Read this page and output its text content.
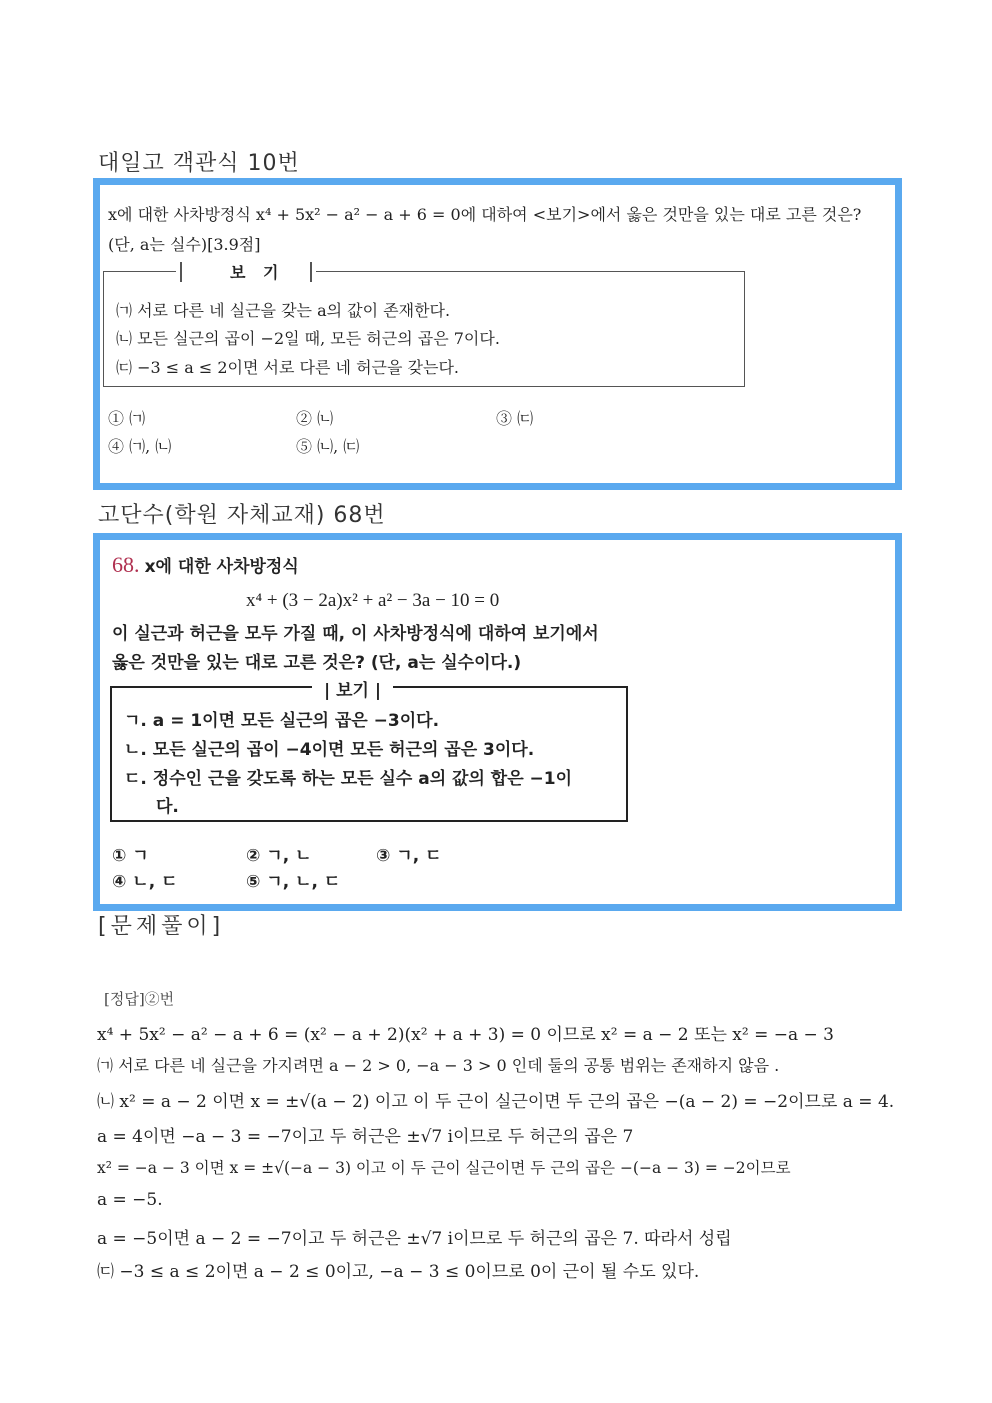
대일고 객관식 10번
x에 대한 사차방정식 x⁴ + 5x² − a² − a + 6 = 0에 대하여 <보기>에서 옳은 것만을 있는 대로 고른 것은?
(단, a는 실수)[3.9점]
보 기
㈀ 서로 다른 네 실근을 갖는 a의 값이 존재한다.
㈁ 모든 실근의 곱이 −2일 때, 모든 허근의 곱은 7이다.
㈂ −3 ≤ a ≤ 2이면 서로 다른 네 허근을 갖는다.
① ㈀	② ㈁	③ ㈂
④ ㈀, ㈁	⑤ ㈁, ㈂
고단수(학원 자체교재) 68번
68. x에 대한 사차방정식
x⁴ + (3 − 2a)x² + a² − 3a − 10 = 0
이 실근과 허근을 모두 가질 때, 이 사차방정식에 대하여 보기에서
옳은 것만을 있는 대로 고른 것은? (단, a는 실수이다.)
| 보기 |
ㄱ. a = 1이면 모든 실근의 곱은 −3이다.
ㄴ. 모든 실근의 곱이 −4이면 모든 허근의 곱은 3이다.
ㄷ. 정수인 근을 갖도록 하는 모든 실수 a의 값의 합은 −1이
다.
① ㄱ	② ㄱ, ㄴ	③ ㄱ, ㄷ
④ ㄴ, ㄷ	⑤ ㄱ, ㄴ, ㄷ
[문제풀이]
[정답]②번
x⁴ + 5x² − a² − a + 6 = (x² − a + 2)(x² + a + 3) = 0 이므로 x² = a − 2 또는 x² = −a − 3
㈀ 서로 다른 네 실근을 가지려면 a − 2 > 0, −a − 3 > 0 인데 둘의 공통 범위는 존재하지 않음 .
㈁ x² = a − 2 이면 x = ±√(a − 2) 이고 이 두 근이 실근이면 두 근의 곱은 −(a − 2) = −2이므로 a = 4.
a = 4이면 −a − 3 = −7이고 두 허근은 ±√7 i이므로 두 허근의 곱은 7
x² = −a − 3 이면 x = ±√(−a − 3) 이고 이 두 근이 실근이면 두 근의 곱은 −(−a − 3) = −2이므로
a = −5.
a = −5이면 a − 2 = −7이고 두 허근은 ±√7 i이므로 두 허근의 곱은 7. 따라서 성립
㈂ −3 ≤ a ≤ 2이면 a − 2 ≤ 0이고, −a − 3 ≤ 0이므로 0이 근이 될 수도 있다.
